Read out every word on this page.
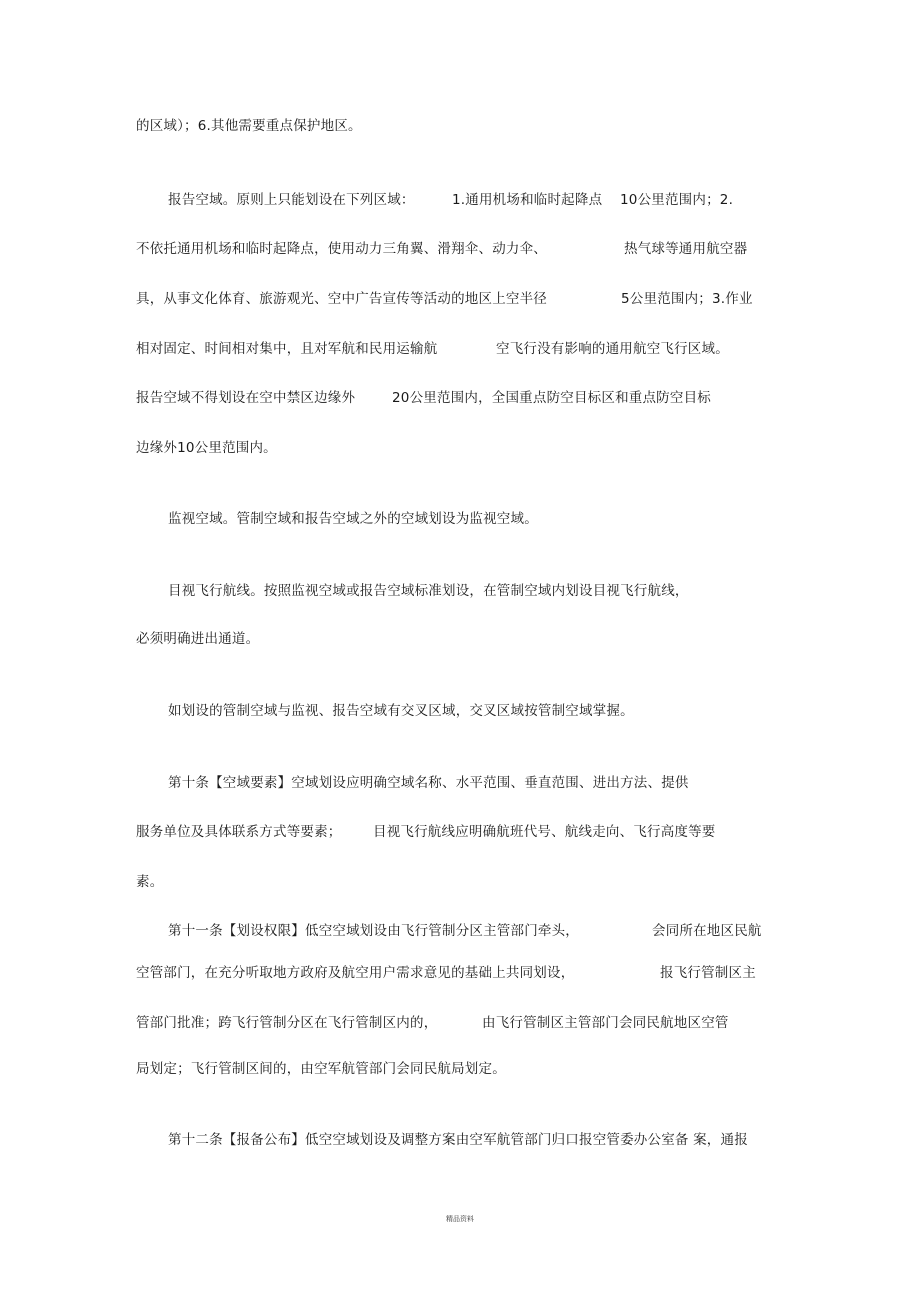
的区域）；6.其他需要重点保护地区。
报告空域。原则上只能划设在下列区域：	1.通用机场和临时起降点 10公里范围内；2.
不依托通用机场和临时起降点，使用动力三角翼、滑翔伞、动力伞、	热气球等通用航空器
具，从事文化体育、旅游观光、空中广告宣传等活动的地区上空半径	5公里范围内；3.作业
相对固定、时间相对集中，且对军航和民用运输航	空飞行没有影响的通用航空飞行区域。
报告空域不得划设在空中禁区边缘外	20公里范围内，全国重点防空目标区和重点防空目标
边缘外10公里范围内。
监视空域。管制空域和报告空域之外的空域划设为监视空域。
目视飞行航线。按照监视空域或报告空域标准划设，在管制空域内划设目视飞行航线，
必须明确进出通道。
如划设的管制空域与监视、报告空域有交叉区域，交叉区域按管制空域掌握。
第十条【空域要素】空域划设应明确空域名称、水平范围、垂直范围、进出方法、提供
服务单位及具体联系方式等要素； 目视飞行航线应明确航班代号、航线走向、飞行高度等要
素。
第十一条【划设权限】低空空域划设由飞行管制分区主管部门牵头，	会同所在地区民航
空管部门，在充分听取地方政府及航空用户需求意见的基础上共同划设，	报飞行管制区主
管部门批准；跨飞行管制分区在飞行管制区内的，	由飞行管制区主管部门会同民航地区空管
局划定；飞行管制区间的，由空军航管部门会同民航局划定。
第十二条【报备公布】低空空域划设及调整方案由空军航管部门归口报空管委办公室备 案，通报
精品资料
